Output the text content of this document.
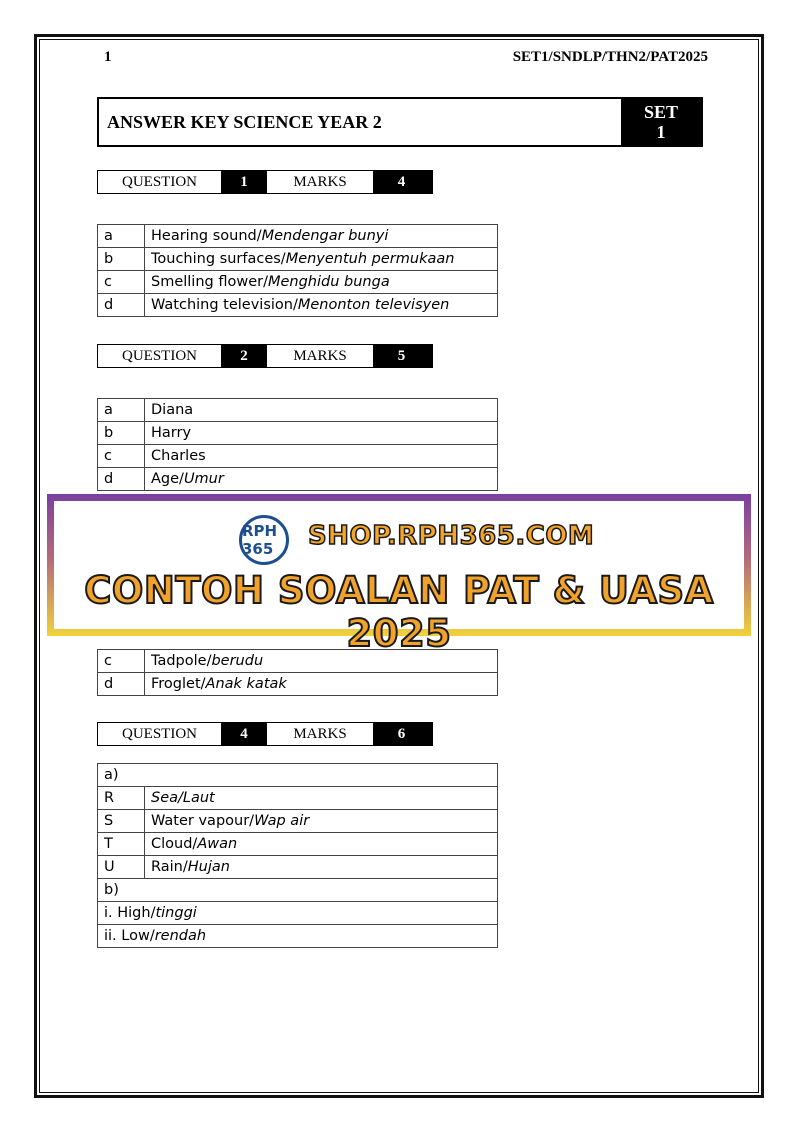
1	SET1/SNDLP/THN2/PAT2025
ANSWER KEY SCIENCE YEAR 2	SET
1
QUESTION	1	MARKS	4
a	Hearing sound/Mendengar bunyi
b	Touching surfaces/Menyentuh permukaan
c	Smelling flower/Menghidu bunga
d	Watching television/Menonton televisyen
QUESTION	2	MARKS	5
a	Diana
b	Harry
c	Charles
d	Age/Umur
c	Tadpole/berudu
d	Froglet/Anak katak
QUESTION	4	MARKS	6
a)	
R	Sea/Laut
S	Water vapour/Wap air
T	Cloud/Awan
U	Rain/Hujan
b)	
i. High/tinggi	
ii. Low/rendah	
RPH 365	SHOP.RPH365.COM
CONTOH SOALAN PAT & UASA 2025
